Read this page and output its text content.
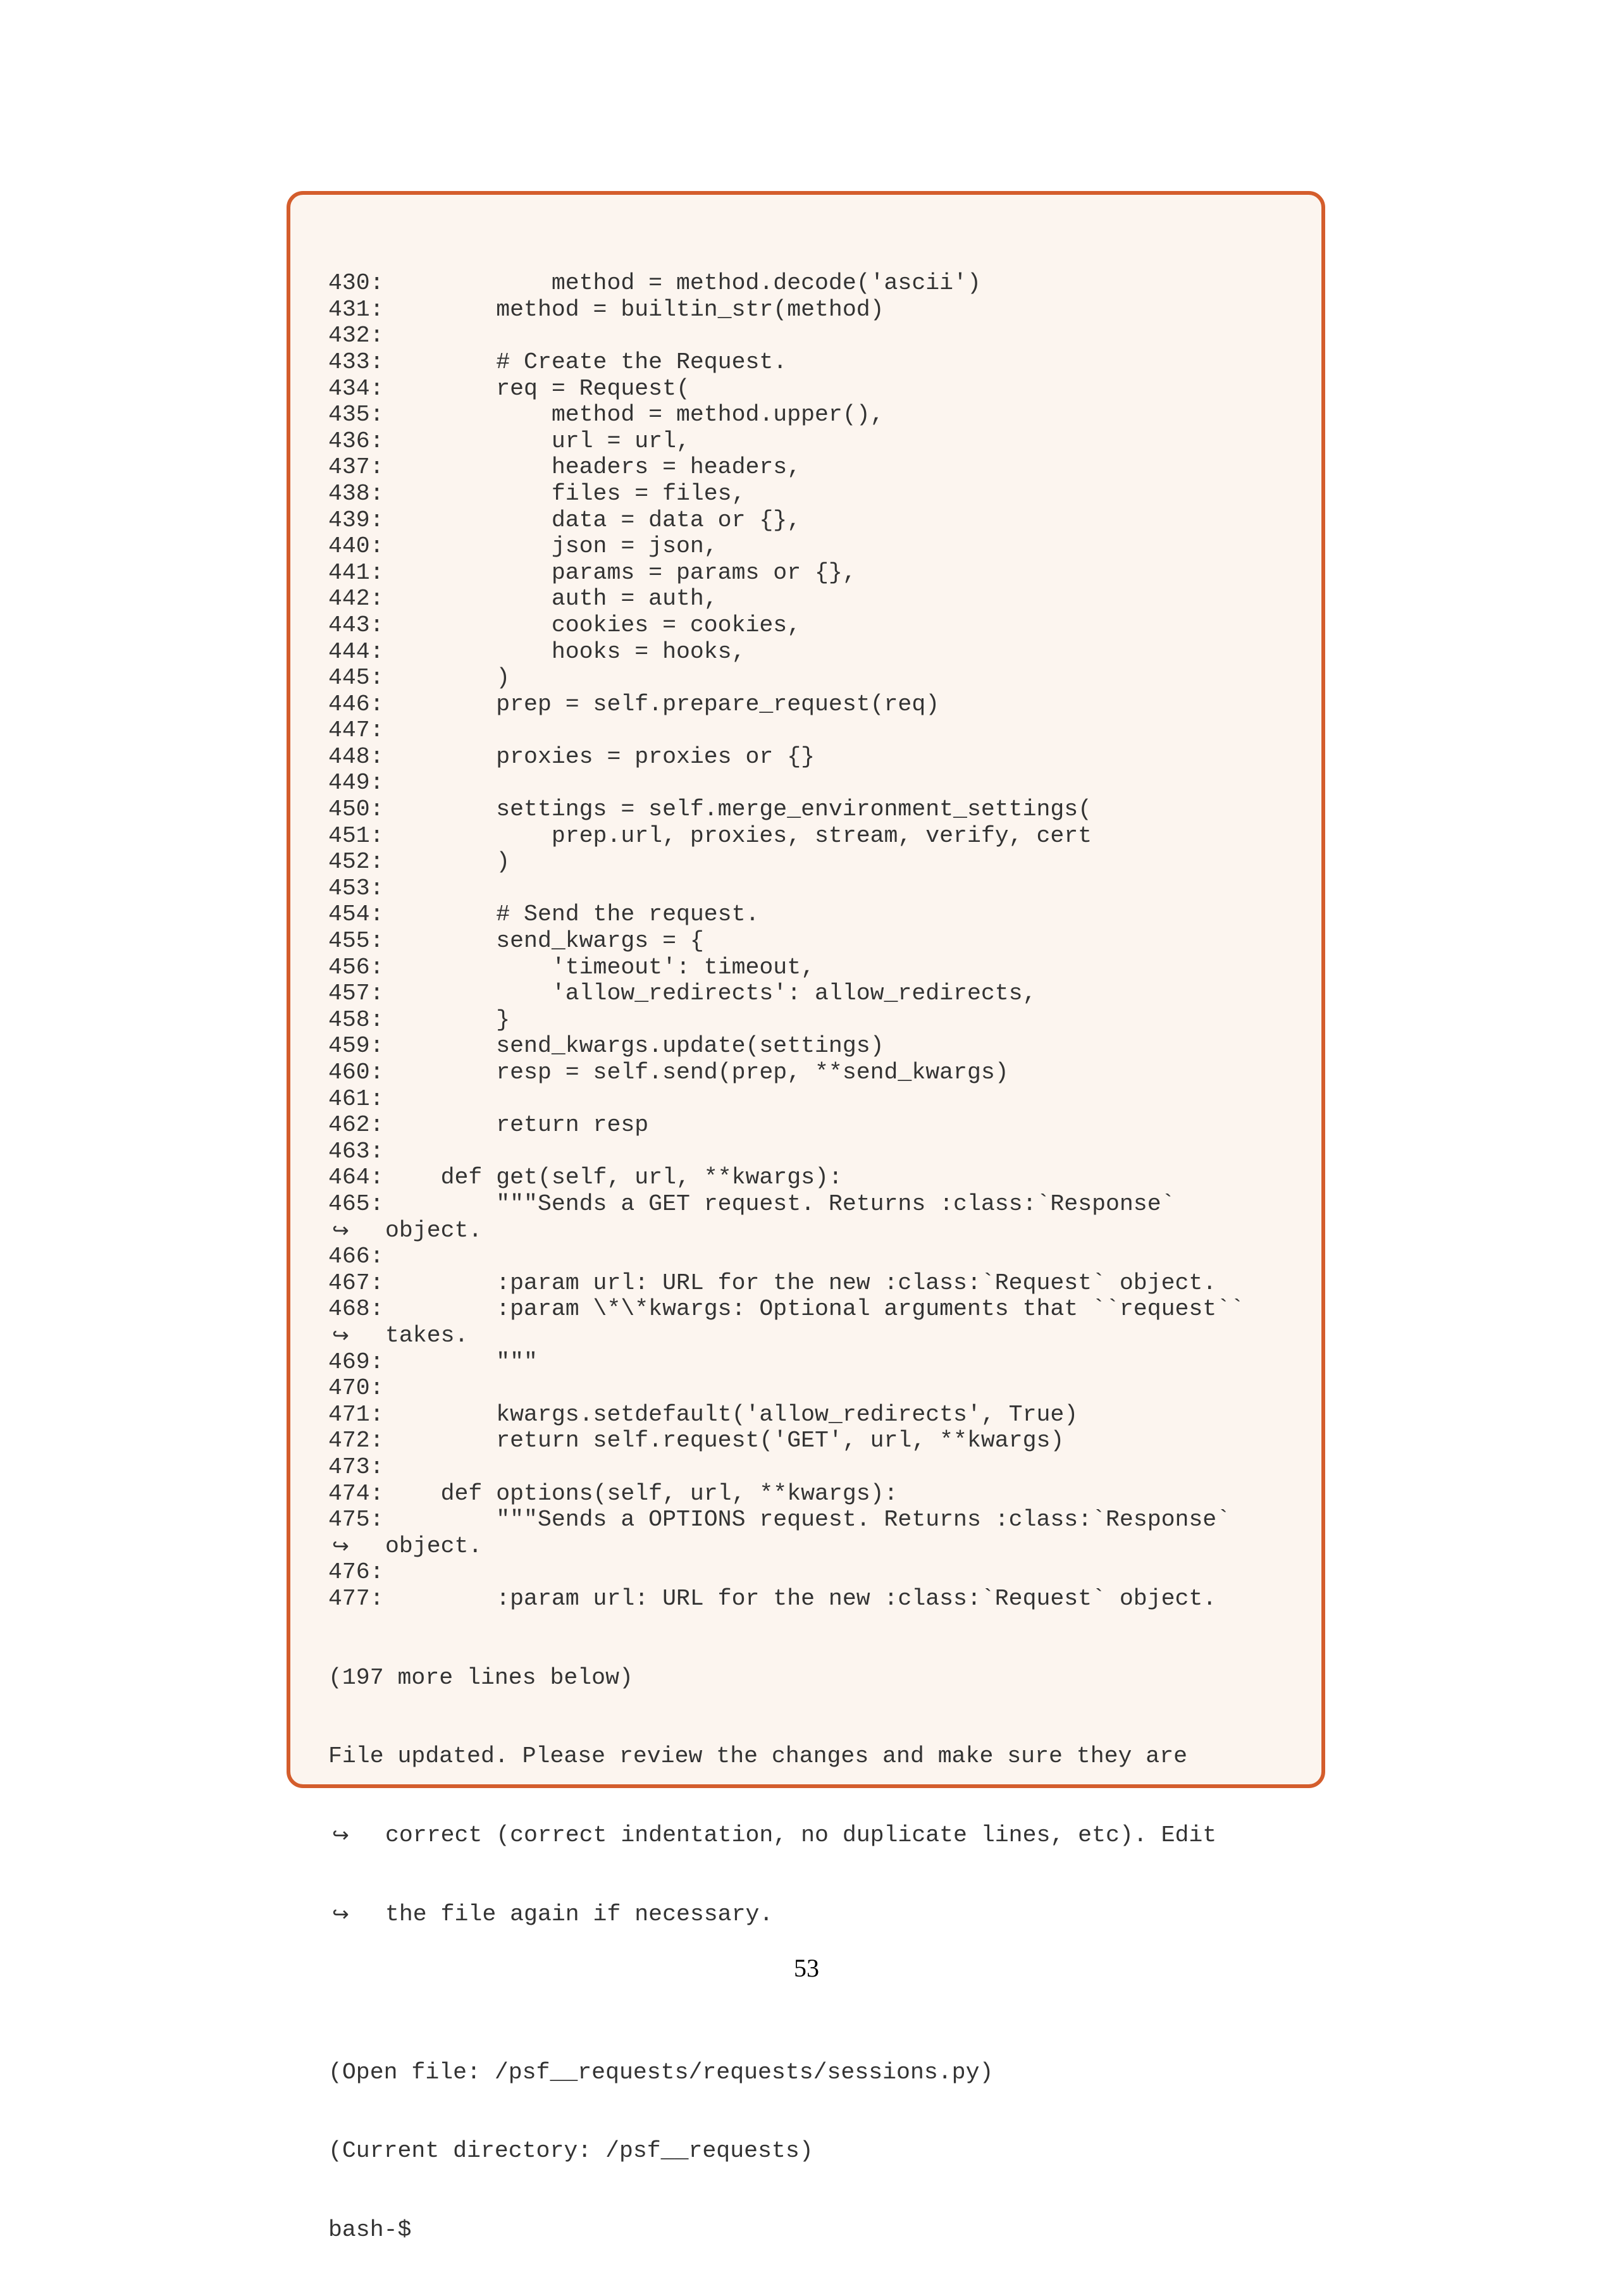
430: method = method.decode('ascii')
431: method = builtin_str(method)
432:
433: # Create the Request.
434: req = Request(
435: method = method.upper(),
436: url = url,
437: headers = headers,
438: files = files,
439: data = data or {},
440: json = json,
441: params = params or {},
442: auth = auth,
443: cookies = cookies,
444: hooks = hooks,
445: )
446: prep = self.prepare_request(req)
447:
448: proxies = proxies or {}
449:
450: settings = self.merge_environment_settings(
451: prep.url, proxies, stream, verify, cert
452: )
453:
454: # Send the request.
455: send_kwargs = {
456: 'timeout': timeout,
457: 'allow_redirects': allow_redirects,
458: }
459: send_kwargs.update(settings)
460: resp = self.send(prep, **send_kwargs)
461:
462: return resp
463:
464: def get(self, url, **kwargs):
465: """Sends a GET request. Returns :class:`Response`
↪	object.
466:
467: :param url: URL for the new :class:`Request` object.
468: :param \*\*kwargs: Optional arguments that ``request``
↪	takes.
469: """
470:
471: kwargs.setdefault('allow_redirects', True)
472: return self.request('GET', url, **kwargs)
473:
474: def options(self, url, **kwargs):
475: """Sends a OPTIONS request. Returns :class:`Response`
↪	object.
476:
477: :param url: URL for the new :class:`Request` object.

(197 more lines below)

File updated. Please review the changes and make sure they are

↪	correct (correct indentation, no duplicate lines, etc). Edit

↪	the file again if necessary.

(Open file: /psf__requests/requests/sessions.py)

(Current directory: /psf__requests)

bash-$

53
